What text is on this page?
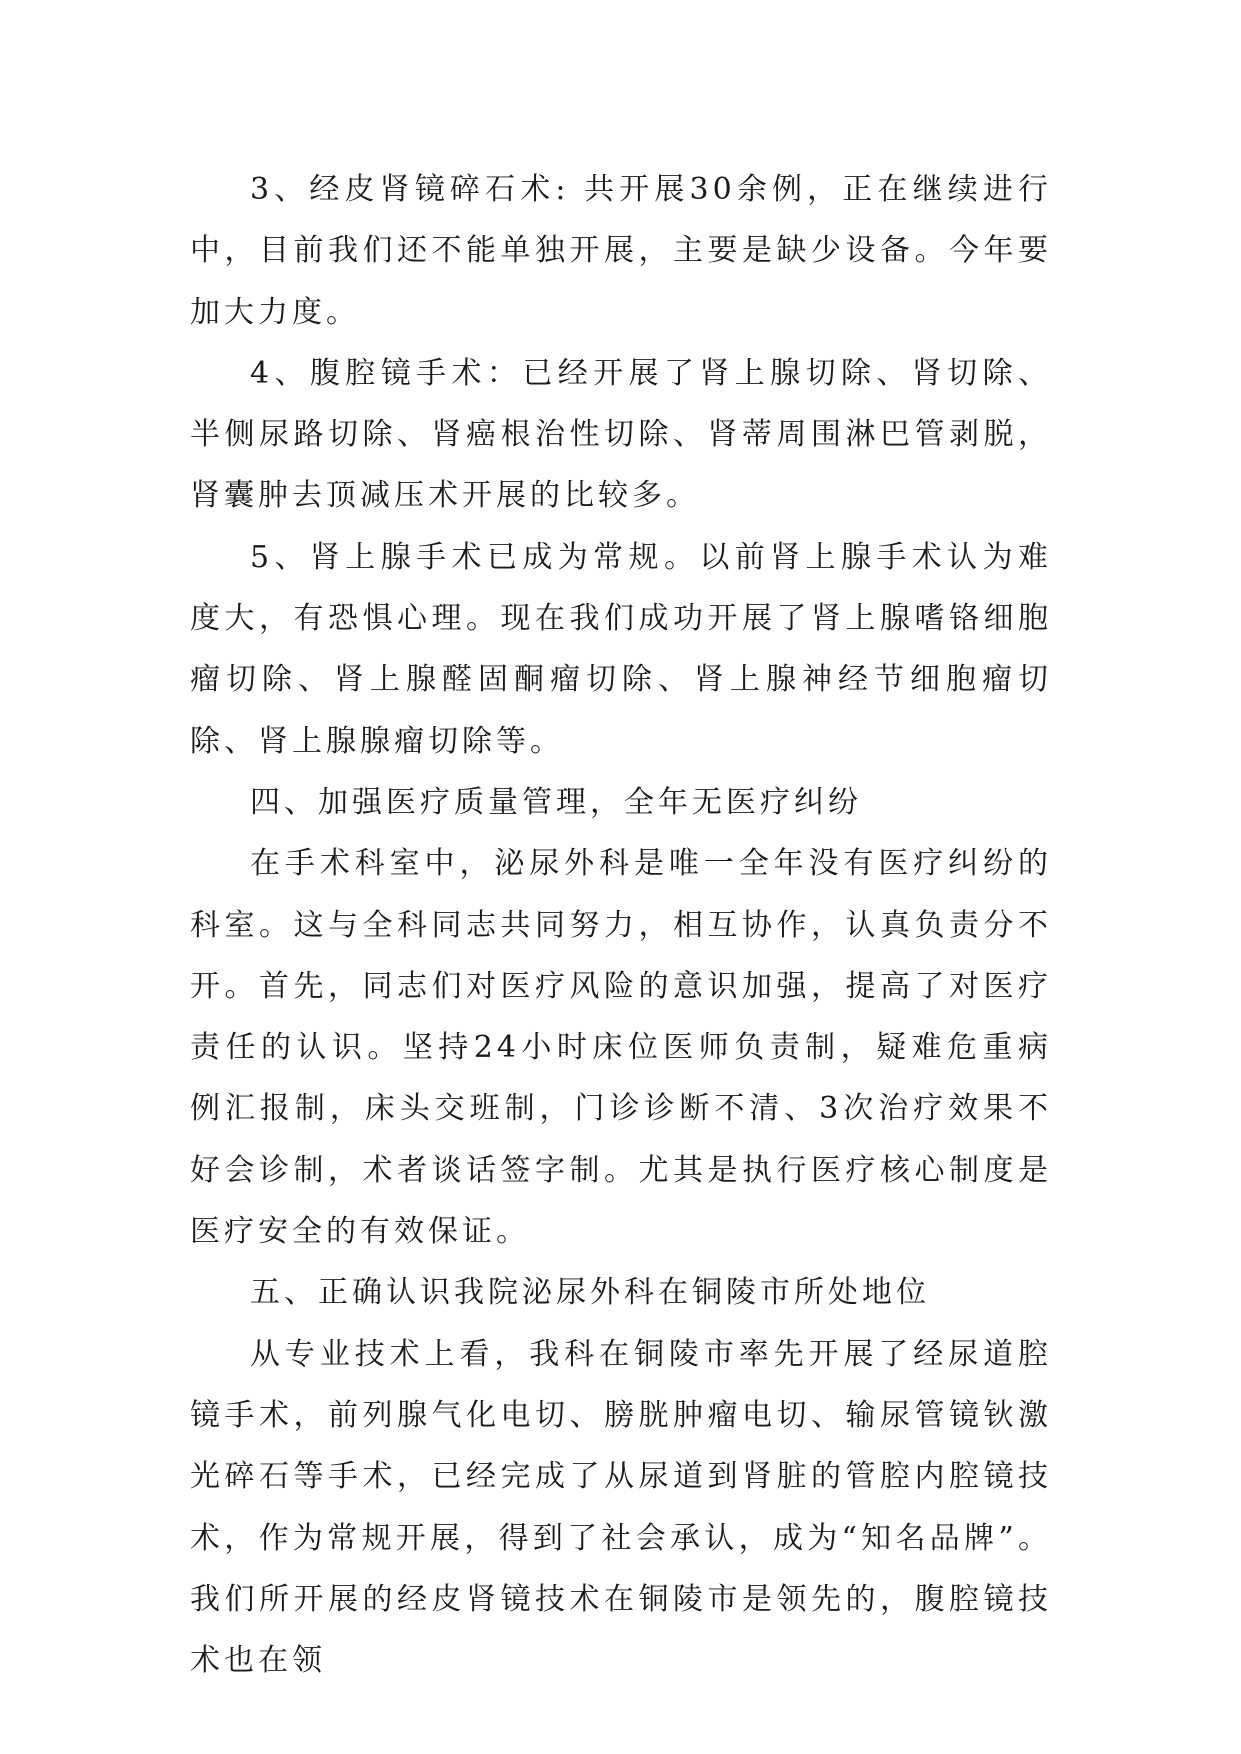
3、经皮肾镜碎石术: 共开展30余例，正在继续进行中，目前我们还不能单独开展，主要是缺少设备。今年要加大力度。

4、腹腔镜手术：已经开展了肾上腺切除、肾切除、半侧尿路切除、肾癌根治性切除、肾蒂周围淋巴管剥脱，肾囊肿去顶减压术开展的比较多。

5、肾上腺手术已成为常规。以前肾上腺手术认为难度大，有恐惧心理。现在我们成功开展了肾上腺嗜铬细胞瘤切除、肾上腺醛固酮瘤切除、肾上腺神经节细胞瘤切除、肾上腺腺瘤切除等。

四、加强医疗质量管理，全年无医疗纠纷

在手术科室中，泌尿外科是唯一全年没有医疗纠纷的科室。这与全科同志共同努力，相互协作，认真负责分不开。首先，同志们对医疗风险的意识加强，提高了对医疗责任的认识。坚持24小时床位医师负责制，疑难危重病例汇报制，床头交班制，门诊诊断不清、3次治疗效果不好会诊制，术者谈话签字制。尤其是执行医疗核心制度是医疗安全的有效保证。

五、正确认识我院泌尿外科在铜陵市所处地位

从专业技术上看，我科在铜陵市率先开展了经尿道腔镜手术，前列腺气化电切、膀胱肿瘤电切、输尿管镜钬激光碎石等手术，已经完成了从尿道到肾脏的管腔内腔镜技术，作为常规开展，得到了社会承认，成为“知名品牌”。我们所开展的经皮肾镜技术在铜陵市是领先的，腹腔镜技术也在领
